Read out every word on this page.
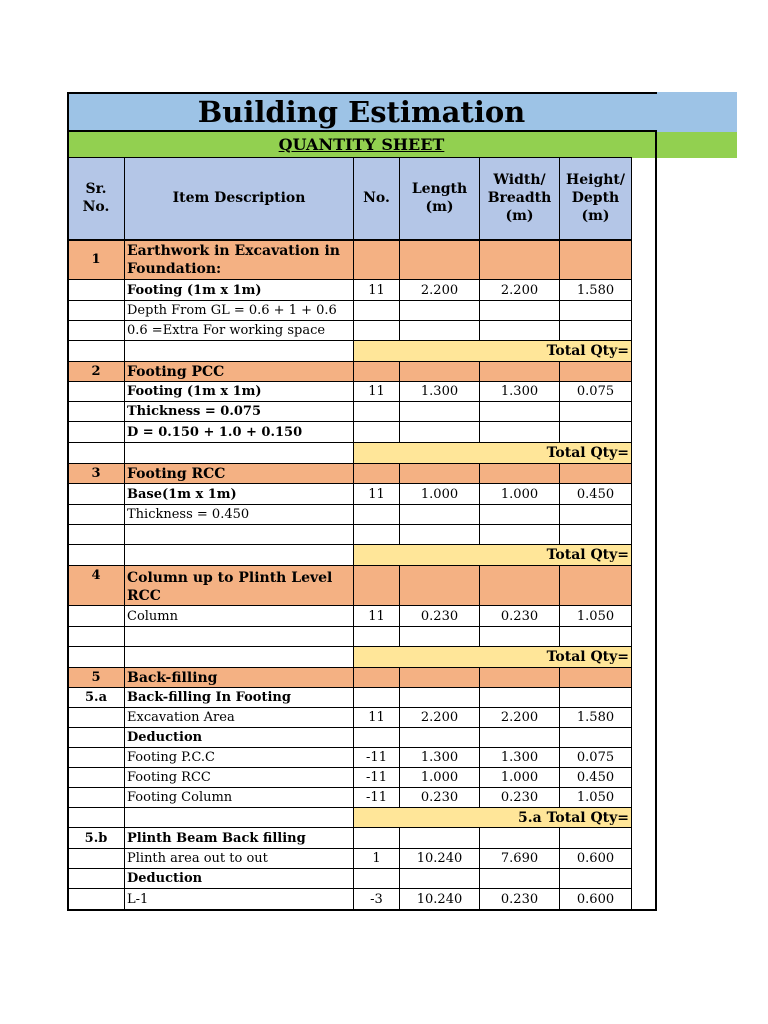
Building Estimation
QUANTITY SHEET
Sr. No.	Item Description	No.	Length (m)	Width/ Breadth (m)	Height/ Depth (m)
1	Earthwork in Excavation in Foundation:				
	Footing (1m x 1m)	11	2.200	2.200	1.580
	Depth From GL = 0.6 + 1 + 0.6				
	0.6 =Extra For working space				
		Total Qty=			
2	Footing PCC				
	Footing (1m x 1m)	11	1.300	1.300	0.075
	Thickness = 0.075				
	D = 0.150 + 1.0 + 0.150				
		Total Qty=			
3	Footing RCC				
	Base(1m x 1m)	11	1.000	1.000	0.450
	Thickness = 0.450				

		Total Qty=			
4	Column up to Plinth Level RCC				
	Column	11	0.230	0.230	1.050

		Total Qty=			
5	Back-filling				
5.a	Back-filling In Footing				
	Excavation Area	11	2.200	2.200	1.580
	Deduction				
	Footing P.C.C	-11	1.300	1.300	0.075
	Footing RCC	-11	1.000	1.000	0.450
	Footing Column	-11	0.230	0.230	1.050
		5.a Total Qty=			
5.b	Plinth Beam Back filling				
	Plinth area out to out	1	10.240	7.690	0.600
	Deduction				
	L-1	-3	10.240	0.230	0.600
